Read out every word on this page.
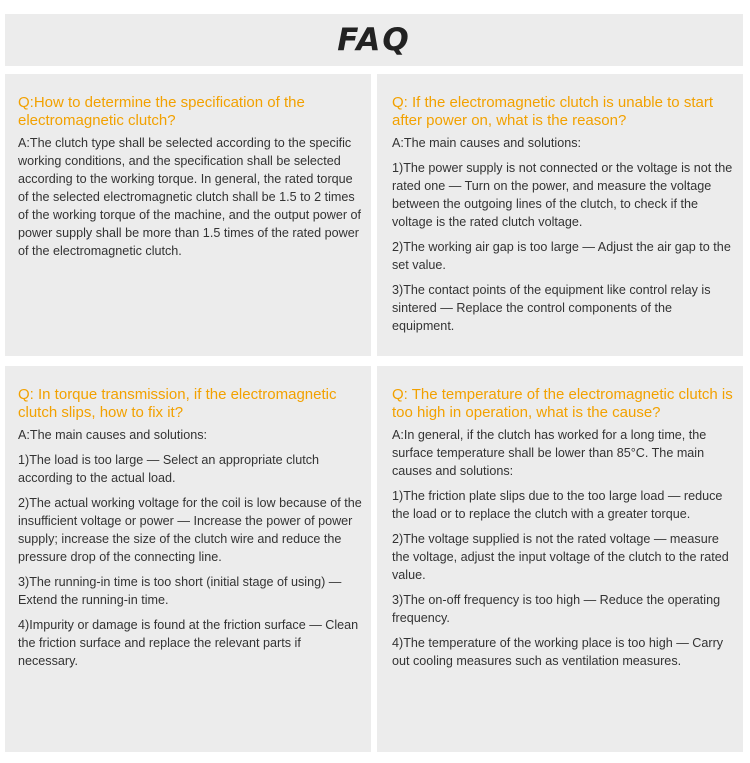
FAQ

Q:How to determine the specification of the electromagnetic clutch?

A:The clutch type shall be selected according to the specific working conditions, and the specification shall be selected according to the working torque. In general, the rated torque of the selected electromagnetic clutch shall be 1.5 to 2 times of the working torque of the machine, and the output power of power supply shall be more than 1.5 times of the rated power of the electromagnetic clutch.

Q: If the electromagnetic clutch is unable to start after power on, what is the reason?

A:The main causes and solutions:

1)The power supply is not connected or the voltage is not the rated one — Turn on the power, and measure the voltage between the outgoing lines of the clutch, to check if the voltage is the rated clutch voltage.

2)The working air gap is too large — Adjust the air gap to the set value.

3)The contact points of the equipment like control relay is sintered — Replace the control components of the equipment.

Q: In torque transmission, if the electromagnetic clutch slips, how to fix it?

A:The main causes and solutions:

1)The load is too large — Select an appropriate clutch according to the actual load.

2)The actual working voltage for the coil is low because of the insufficient voltage or power — Increase the power of power supply; increase the size of the clutch wire and reduce the pressure drop of the connecting line.

3)The running-in time is too short (initial stage of using) — Extend the running-in time.

4)Impurity or damage is found at the friction surface — Clean the friction surface and replace the relevant parts if necessary.

Q: The temperature of the electromagnetic clutch is too high in operation, what is the cause?

A:In general, if the clutch has worked for a long time, the surface temperature shall be lower than 85°C. The main causes and solutions:

1)The friction plate slips due to the too large load — reduce the load or to replace the clutch with a greater torque.

2)The voltage supplied is not the rated voltage — measure the voltage, adjust the input voltage of the clutch to the rated value.

3)The on-off frequency is too high — Reduce the operating frequency.

4)The temperature of the working place is too high — Carry out cooling measures such as ventilation measures.
